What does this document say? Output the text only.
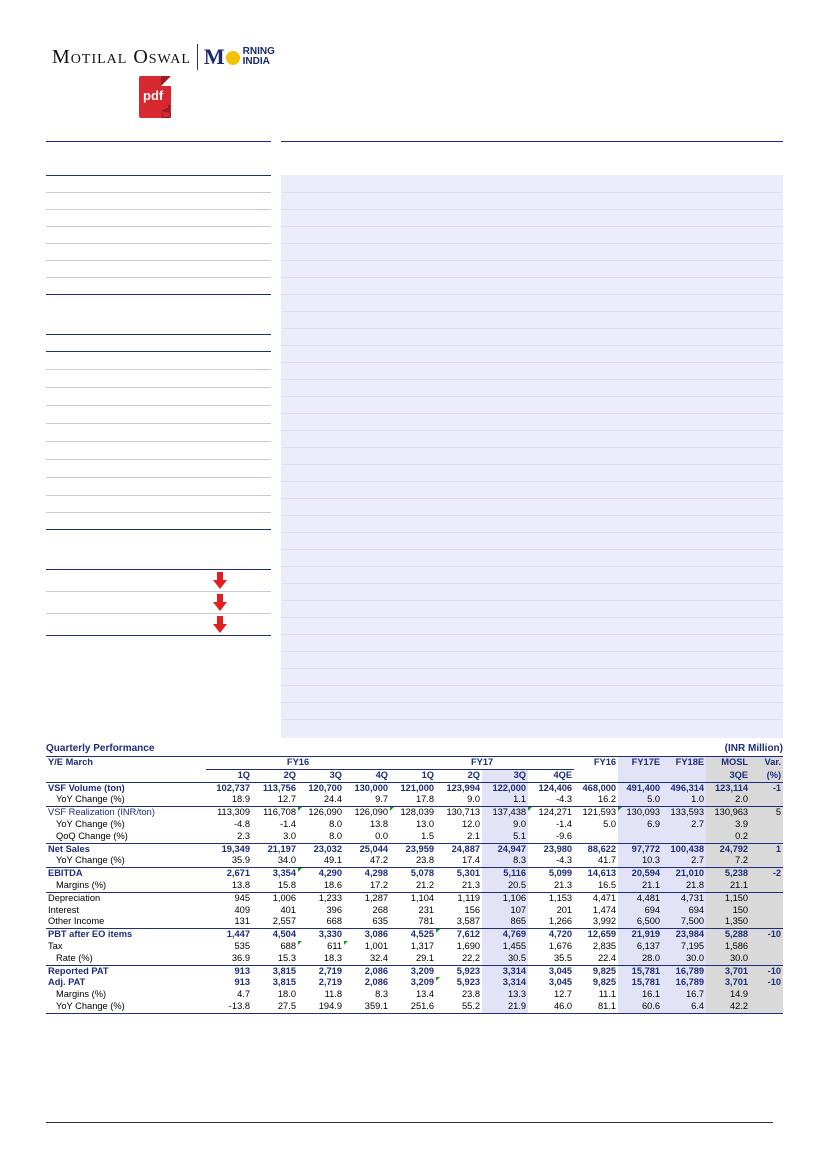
Motilal Oswal M RNING
INDIA
pdf
☝
Quarterly Performance	(INR Million)
Y/E March	FY16				FY17				FY16	FY17E	FY18E	MOSL	Var.
	1Q	2Q	3Q	4Q	1Q	2Q	3Q	4QE				3QE	(%)
VSF Volume (ton)	102,737	113,756	120,700	130,000	121,000	123,994	122,000	124,406	468,000	491,400	496,314	123,114	-1
YoY Change (%)	18.9	12.7	24.4	9.7	17.8	9.0	1.1	-4.3	16.2	5.0	1.0	2.0	
VSF Realization (INR/ton)	113,309	116,708	126,090	126,090	128,039	130,713	137,438	124,271	121,593	130,093	133,593	130,963	5
YoY Change (%)	-4.8	-1.4	8.0	13.8	13.0	12.0	9.0	-1.4	5.0	6.9	2.7	3.9	
QoQ Change (%)	2.3	3.0	8.0	0.0	1.5	2.1	5.1	-9.6				0.2	
Net Sales	19,349	21,197	23,032	25,044	23,959	24,887	24,947	23,980	88,622	97,772	100,438	24,792	1
YoY Change (%)	35.9	34.0	49.1	47.2	23.8	17.4	8.3	-4.3	41.7	10.3	2.7	7.2	
EBITDA	2,671	3,354	4,290	4,298	5,078	5,301	5,116	5,099	14,613	20,594	21,010	5,238	-2
Margins (%)	13.8	15.8	18.6	17.2	21.2	21.3	20.5	21.3	16.5	21.1	21.8	21.1	
Depreciation	945	1,006	1,233	1,287	1,104	1,119	1,106	1,153	4,471	4,481	4,731	1,150	
Interest	409	401	396	268	231	156	107	201	1,474	694	694	150	
Other Income	131	2,557	668	635	781	3,587	865	1,266	3,992	6,500	7,500	1,350	
PBT after EO items	1,447	4,504	3,330	3,086	4,525	7,612	4,769	4,720	12,659	21,919	23,984	5,288	-10
Tax	535	688	611	1,001	1,317	1,690	1,455	1,676	2,835	6,137	7,195	1,586	
Rate (%)	36.9	15.3	18.3	32.4	29.1	22.2	30.5	35.5	22.4	28.0	30.0	30.0	
Reported PAT	913	3,815	2,719	2,086	3,209	5,923	3,314	3,045	9,825	15,781	16,789	3,701	-10
Adj. PAT	913	3,815	2,719	2,086	3,209	5,923	3,314	3,045	9,825	15,781	16,789	3,701	-10
Margins (%)	4.7	18.0	11.8	8.3	13.4	23.8	13.3	12.7	11.1	16.1	16.7	14.9	
YoY Change (%)	-13.8	27.5	194.9	359.1	251.6	55.2	21.9	46.0	81.1	60.6	6.4	42.2	
